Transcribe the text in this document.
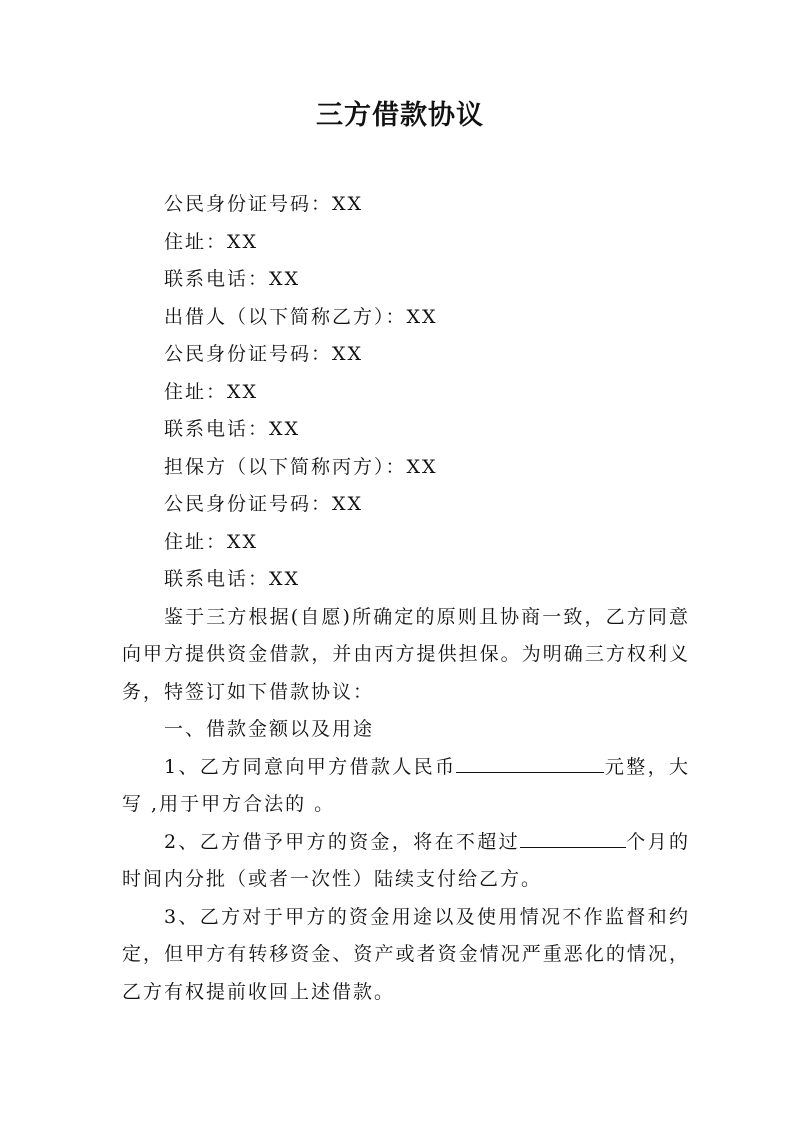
三方借款协议

公民身份证号码：XX

住址：XX

联系电话：XX

出借人（以下简称乙方）：XX

公民身份证号码：XX

住址：XX

联系电话：XX

担保方（以下简称丙方）：XX

公民身份证号码：XX

住址：XX

联系电话：XX

鉴于三方根据(自愿)所确定的原则且协商一致，乙方同意向甲方提供资金借款，并由丙方提供担保。为明确三方权利义务，特签订如下借款协议：

一、借款金额以及用途

1、乙方同意向甲方借款人民币	元整，大写 ,用于甲方合法的 。

2、乙方借予甲方的资金，将在不超过	个月的时间内分批（或者一次性）陆续支付给乙方。

3、乙方对于甲方的资金用途以及使用情况不作监督和约定，但甲方有转移资金、资产或者资金情况严重恶化的情况，乙方有权提前收回上述借款。
